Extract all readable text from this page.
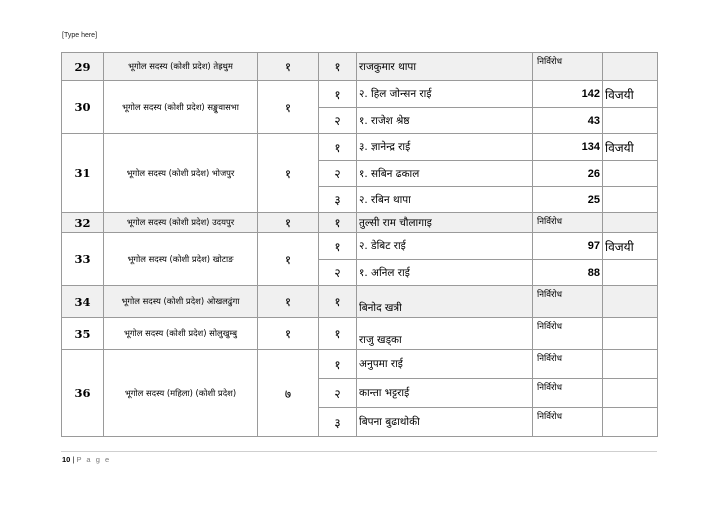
[Type here]
29	भूगोल सदस्य (कोशी प्रदेश) तेह्रथुम	१	१	राजकुमार थापा	निर्विरोध	
30	भूगोल सदस्य (कोशी प्रदेश) सङ्खुवासभा	१	१	२. हिल जोन्सन राई	142	विजयी
			२	१. राजेश श्रेष्ठ	43	
31	भूगोल सदस्य (कोशी प्रदेश) भोजपुर	१	१	३. ज्ञानेन्द्र राई	134	विजयी
			२	१. सबिन ढकाल	26	
			३	२. रबिन थापा	25	
32	भूगोल सदस्य (कोशी प्रदेश) उदयपुर	१	१	तुल्सी राम चौलागाइ	निर्विरोध	
33	भूगोल सदस्य (कोशी प्रदेश) खोटाङ	१	१	२. डेबिट राई	97	विजयी
			२	१. अनिल राई	88	
34	भूगोल सदस्य (कोशी प्रदेश) ओखलढुंगा	१	१	बिनोद खत्री	निर्विरोध	
35	भूगोल सदस्य (कोशी प्रदेश) सोलुखुम्बु	१	१	राजु खड्का	निर्विरोध	
36	भूगोल सदस्य (महिला) (कोशी प्रदेश)	७	१	अनुपमा राई	निर्विरोध	
			२	कान्ता भट्टराई	निर्विरोध	
			३	बिपना बुढाथोकी	निर्विरोध	
10 | P a g e
